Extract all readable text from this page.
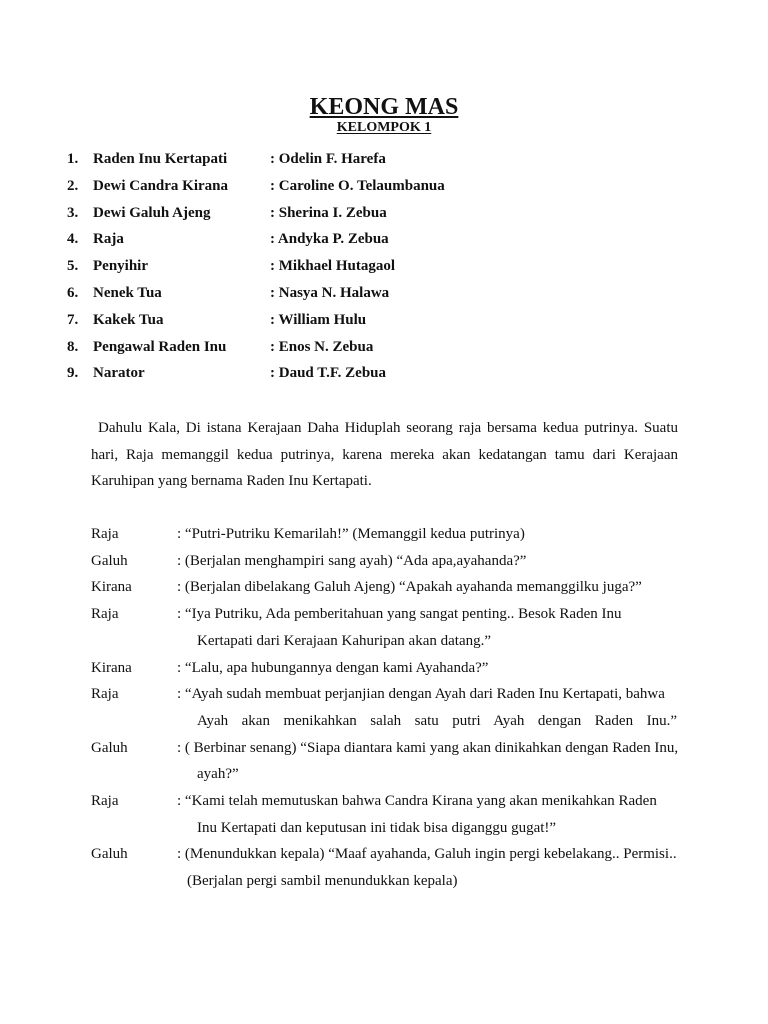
KEONG MAS
KELOMPOK 1
1. Raden Inu Kertapati	: Odelin F. Harefa
2. Dewi Candra Kirana	: Caroline O. Telaumbanua
3. Dewi Galuh Ajeng	: Sherina I. Zebua
4. Raja	: Andyka P. Zebua
5. Penyihir	: Mikhael Hutagaol
6. Nenek Tua	: Nasya N. Halawa
7. Kakek Tua	: William Hulu
8. Pengawal Raden Inu	: Enos N. Zebua
9. Narator	: Daud T.F. Zebua

Dahulu Kala, Di istana Kerajaan Daha Hiduplah seorang raja bersama kedua putrinya. Suatu hari, Raja memanggil kedua putrinya, karena mereka akan kedatangan tamu dari Kerajaan Karuhipan yang bernama Raden Inu Kertapati.

Raja	: “Putri-Putriku Kemarilah!” (Memanggil kedua putrinya)
Galuh	: (Berjalan menghampiri sang ayah) “Ada apa,ayahanda?”
Kirana	: (Berjalan dibelakang Galuh Ajeng) “Apakah ayahanda memanggilku juga?”
Raja	: “Iya Putriku, Ada pemberitahuan yang sangat penting.. Besok Raden Inu
Kertapati dari Kerajaan Kahuripan akan datang.”
Kirana	: “Lalu, apa hubungannya dengan kami Ayahanda?”
Raja	: “Ayah sudah membuat perjanjian dengan Ayah dari Raden Inu Kertapati, bahwa
Ayah akan menikahkan salah satu putri Ayah dengan Raden Inu.”
Galuh	: ( Berbinar senang) “Siapa diantara kami yang akan dinikahkan dengan Raden Inu,
ayah?”
Raja	: “Kami telah memutuskan bahwa Candra Kirana yang akan menikahkan Raden
Inu Kertapati dan keputusan ini tidak bisa diganggu gugat!”
Galuh	: (Menundukkan kepala) “Maaf ayahanda, Galuh ingin pergi kebelakang.. Permisi..
(Berjalan pergi sambil menundukkan kepala)
